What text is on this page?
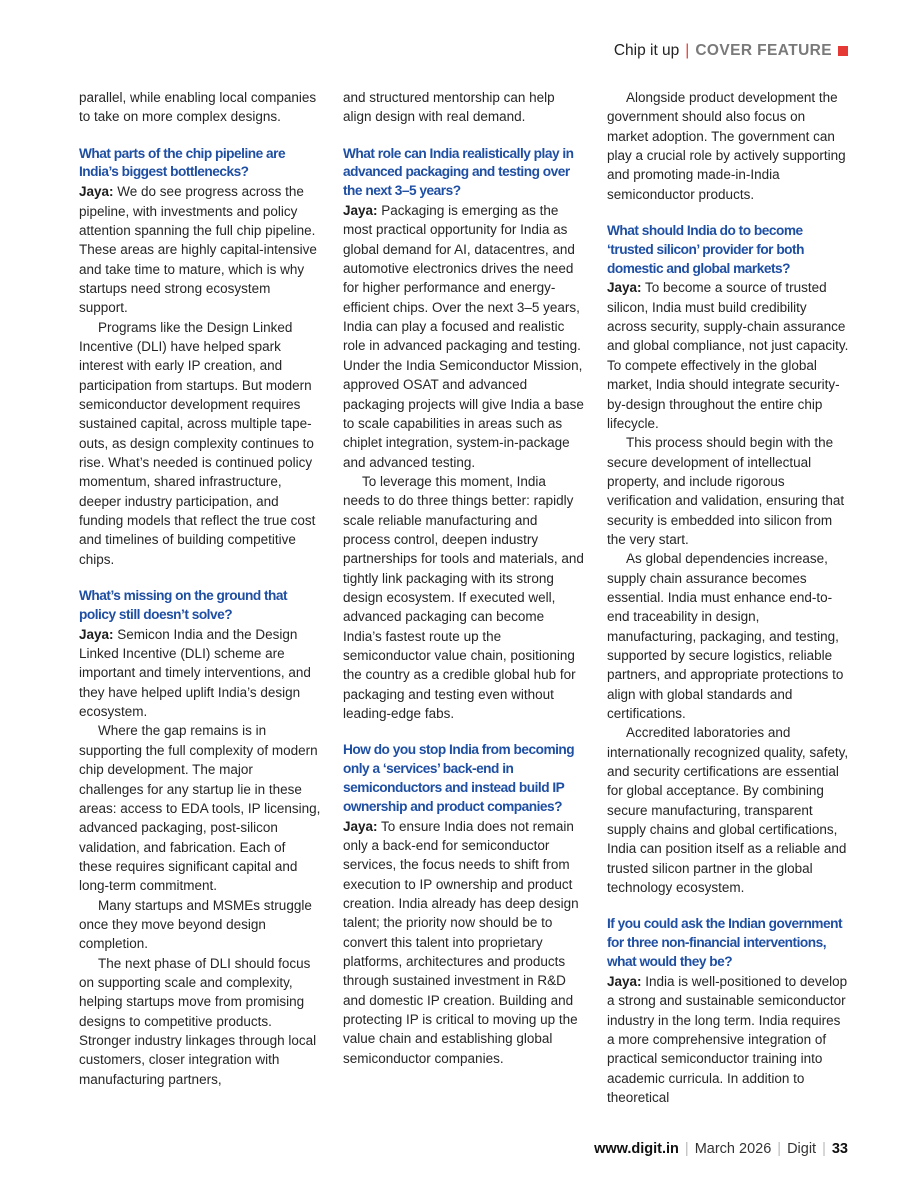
Chip it up | COVER FEATURE

parallel, while enabling local companies to take on more complex designs.

What parts of the chip pipeline are India’s biggest bottlenecks?

Jaya: We do see progress across the pipeline, with investments and policy attention spanning the full chip pipeline. These areas are highly capital-intensive and take time to mature, which is why startups need strong ecosystem support.

Programs like the Design Linked Incentive (DLI) have helped spark interest with early IP creation, and participation from startups. But modern semiconductor development requires sustained capital, across multiple tape-outs, as design complexity continues to rise. What’s needed is continued policy momentum, shared infrastructure, deeper industry participation, and funding models that reflect the true cost and timelines of building competitive chips.

What’s missing on the ground that policy still doesn’t solve?

Jaya: Semicon India and the Design Linked Incentive (DLI) scheme are important and timely interventions, and they have helped uplift India’s design ecosystem.

Where the gap remains is in supporting the full complexity of modern chip development. The major challenges for any startup lie in these areas: access to EDA tools, IP licensing, advanced packaging, post-silicon validation, and fabrication. Each of these requires significant capital and long-term commitment.

Many startups and MSMEs struggle once they move beyond design completion.

The next phase of DLI should focus on supporting scale and complexity, helping startups move from promising designs to competitive products. Stronger industry linkages through local customers, closer integration with manufacturing partners,

and structured mentorship can help align design with real demand.

What role can India realistically play in advanced packaging and testing over the next 3–5 years?

Jaya: Packaging is emerging as the most practical opportunity for India as global demand for AI, datacentres, and automotive electronics drives the need for higher performance and energy-efficient chips. Over the next 3–5 years, India can play a focused and realistic role in advanced packaging and testing. Under the India Semiconductor Mission, approved OSAT and advanced packaging projects will give India a base to scale capabilities in areas such as chiplet integration, system-in-package and advanced testing.

To leverage this moment, India needs to do three things better: rapidly scale reliable manufacturing and process control, deepen industry partnerships for tools and materials, and tightly link packaging with its strong design ecosystem. If executed well, advanced packaging can become India’s fastest route up the semiconductor value chain, positioning the country as a credible global hub for packaging and testing even without leading-edge fabs.

How do you stop India from becoming only a ‘services’ back-end in semiconductors and instead build IP ownership and product companies?

Jaya: To ensure India does not remain only a back-end for semiconductor services, the focus needs to shift from execution to IP ownership and product creation. India already has deep design talent; the priority now should be to convert this talent into proprietary platforms, architectures and products through sustained investment in R&D and domestic IP creation. Building and protecting IP is critical to moving up the value chain and establishing global semiconductor companies.

Alongside product development the government should also focus on market adoption. The government can play a crucial role by actively supporting and promoting made-in-India semiconductor products.

What should India do to become ‘trusted silicon’ provider for both domestic and global markets?

Jaya: To become a source of trusted silicon, India must build credibility across security, supply-chain assurance and global compliance, not just capacity. To compete effectively in the global market, India should integrate security-by-design throughout the entire chip lifecycle.

This process should begin with the secure development of intellectual property, and include rigorous verification and validation, ensuring that security is embedded into silicon from the very start.

As global dependencies increase, supply chain assurance becomes essential. India must enhance end-to-end traceability in design, manufacturing, packaging, and testing, supported by secure logistics, reliable partners, and appropriate protections to align with global standards and certifications.

Accredited laboratories and internationally recognized quality, safety, and security certifications are essential for global acceptance. By combining secure manufacturing, transparent supply chains and global certifications, India can position itself as a reliable and trusted silicon partner in the global technology ecosystem.

If you could ask the Indian government for three non-financial interventions, what would they be?

Jaya: India is well-positioned to develop a strong and sustainable semiconductor industry in the long term. India requires a more comprehensive integration of practical semiconductor training into academic curricula. In addition to theoretical

www.digit.in | March 2026 | Digit | 33
